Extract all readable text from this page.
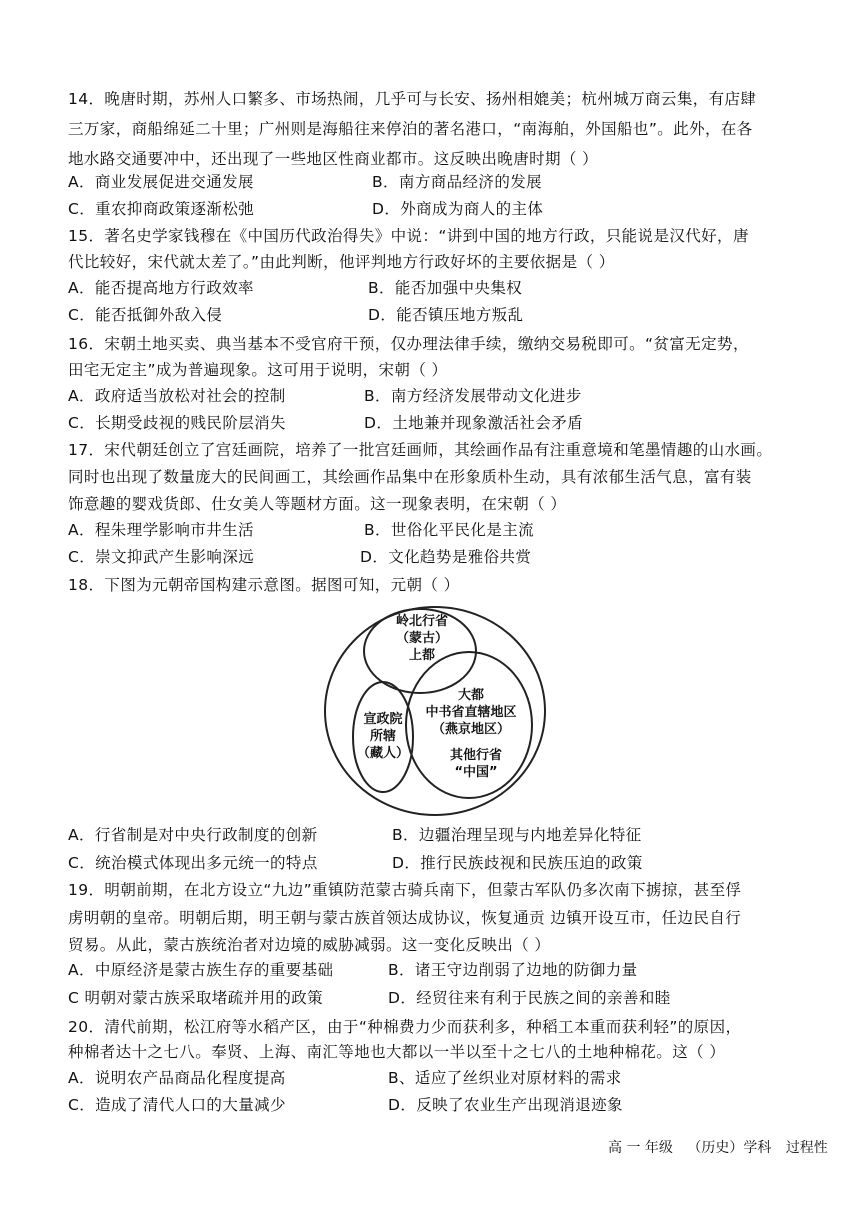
14．晚唐时期，苏州人口繁多、市场热闹，几乎可与长安、扬州相媲美；杭州城万商云集，有店肆
三万家，商船绵延二十里；广州则是海船往来停泊的著名港口，“南海舶，外国船也”。此外，在各
地水路交通要冲中，还出现了一些地区性商业都市。这反映出晚唐时期（ ）
A．商业发展促进交通发展	B．南方商品经济的发展
C．重农抑商政策逐渐松弛	D．外商成为商人的主体
15．著名史学家钱穆在《中国历代政治得失》中说：“讲到中国的地方行政，只能说是汉代好，唐
代比较好，宋代就太差了。”由此判断，他评判地方行政好坏的主要依据是（ ）
A．能否提高地方行政效率	B．能否加强中央集权
C．能否抵御外敌入侵	D．能否镇压地方叛乱
16．宋朝土地买卖、典当基本不受官府干预，仅办理法律手续，缴纳交易税即可。“贫富无定势，
田宅无定主”成为普遍现象。这可用于说明，宋朝（ ）
A．政府适当放松对社会的控制	B．南方经济发展带动文化进步
C．长期受歧视的贱民阶层消失	D．土地兼并现象激活社会矛盾
17．宋代朝廷创立了宫廷画院，培养了一批宫廷画师，其绘画作品有注重意境和笔墨情趣的山水画。
同时也出现了数量庞大的民间画工，其绘画作品集中在形象质朴生动，具有浓郁生活气息，富有装
饰意趣的婴戏货郎、仕女美人等题材方面。这一现象表明，在宋朝（ ）
A．程朱理学影响市井生活	B．世俗化平民化是主流
C．崇文抑武产生影响深远	D．文化趋势是雅俗共赏
18．下图为元朝帝国构建示意图。据图可知，元朝（ ）
岭北行省
（蒙古）
上都
大都
中书省直辖地区
（燕京地区）
其他行省
“中国”
宣政院
所辖
（藏人）
A．行省制是对中央行政制度的创新	B．边疆治理呈现与内地差异化特征
C．统治模式体现出多元统一的特点	D．推行民族歧视和民族压迫的政策
19．明朝前期，在北方设立“九边”重镇防范蒙古骑兵南下，但蒙古军队仍多次南下掳掠，甚至俘
虏明朝的皇帝。明朝后期，明王朝与蒙古族首领达成协议，恢复通贡 边镇开设互市，任边民自行
贸易。从此，蒙古族统治者对边境的威胁减弱。这一变化反映出（ ）
A．中原经济是蒙古族生存的重要基础	B．诸王守边削弱了边地的防御力量
C 明朝对蒙古族采取堵疏并用的政策	D．经贸往来有利于民族之间的亲善和睦
20．清代前期，松江府等水稻产区，由于“种棉费力少而获利多，种稻工本重而获利轻”的原因，
种棉者达十之七八。奉贤、上海、南汇等地也大都以一半以至十之七八的土地种棉花。这（ ）
A．说明农产品商品化程度提高	B、适应了丝织业对原材料的需求
C．造成了清代人口的大量减少	D．反映了农业生产出现消退迹象
高 一 年级 （历史）学科 过程性
